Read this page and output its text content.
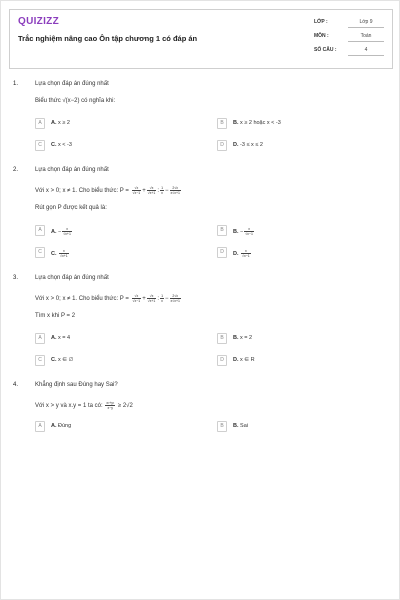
QUIZIZZ
Trắc nghiệm nâng cao Ôn tập chương 1 có đáp án
LỚP :	Lớp 9
MÔN :	Toán
SỐ CÂU :	4
1.	Lựa chọn đáp án đúng nhất
Biểu thức √(x−2) có nghĩa khi:
A	A. x ≥ 2	B	B. x ≥ 2 hoặc x < -3
C	C. x < -3	D	D. -3 ≤ x ≤ 2
2.	Lựa chọn đáp án đúng nhất
Với x > 0; x ≠ 1. Cho biểu thức: $P = \frac{√x}{√x-1} + \frac{√x}{√x+1}$ : $\frac{1}{x} - \frac{2√x}{x√x+1}$
Rút gọn P được kết quả là:
A	A. − $\frac{x}{√x+1}$	B	B. − $\frac{x}{√x-1}$
C	C. $\frac{x}{√x+1}$	D	D. $\frac{x}{√x-1}$
3.	Lựa chọn đáp án đúng nhất
Với x > 0; x ≠ 1. Cho biểu thức: $P = \frac{√x}{√x-1} + \frac{√x}{√x+1}$ : $\frac{1}{x} - \frac{2√x}{x√x+1}$
Tìm x khi P = 2
A	A. x = 4	B	B. x = 2
C	C. x ∈ ∅	D	D. x ∈ R
4.	Khẳng định sau Đúng hay Sai?
Với x > y và x.y = 1 ta có: $\frac{\text{x²+y²}}{x-y} \ge 2√2$
A	A. Đúng	B	B. Sai
